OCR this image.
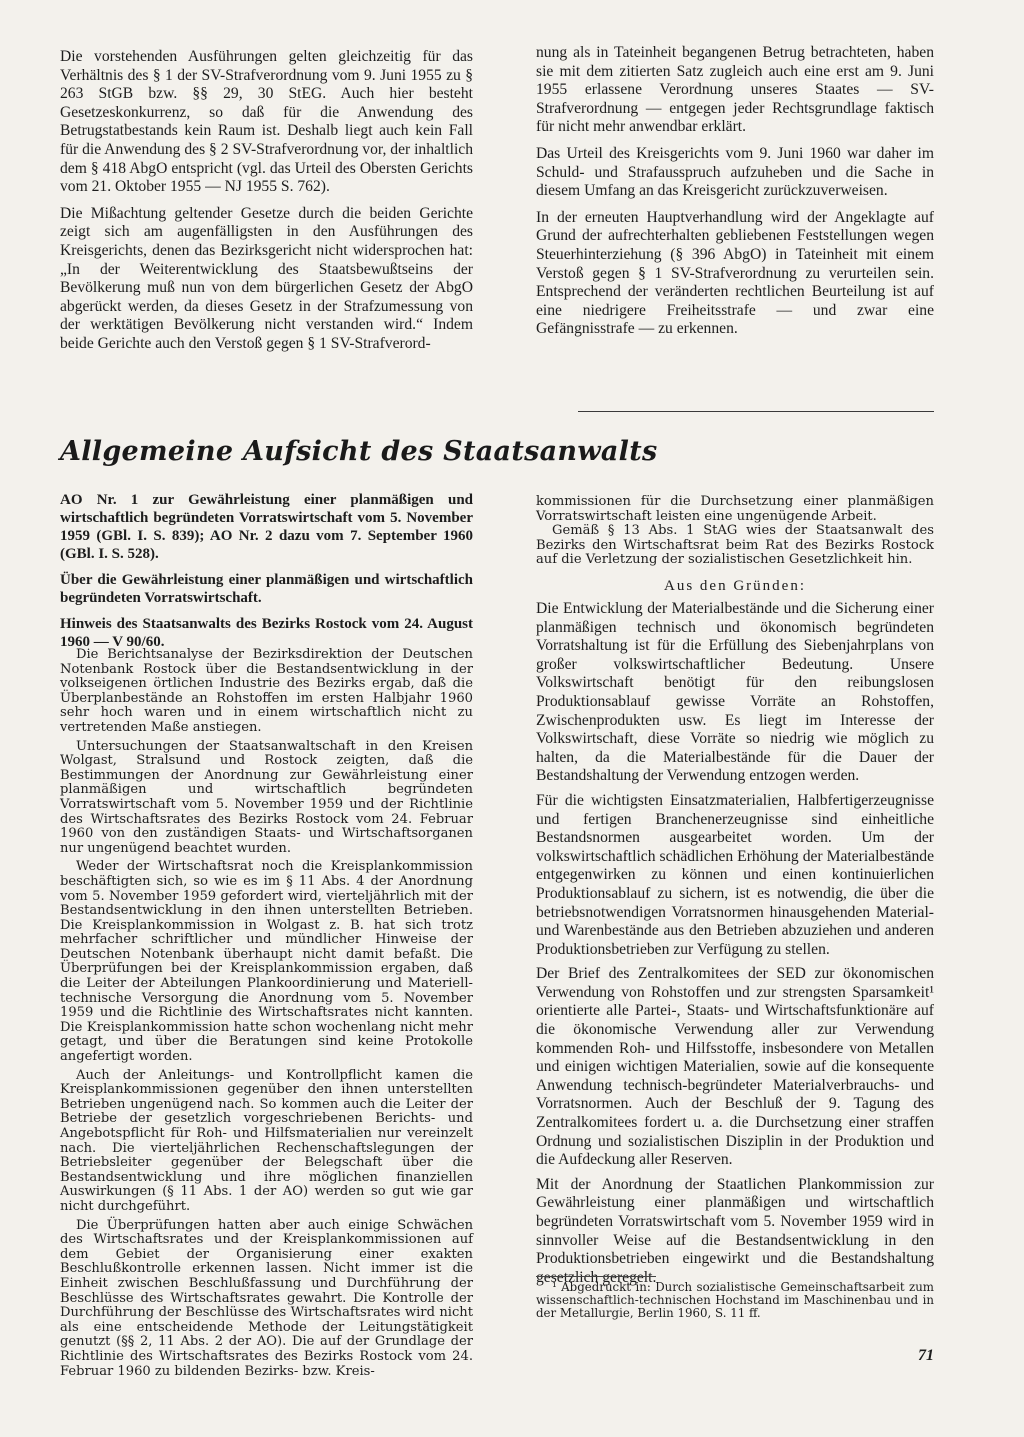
Die vorstehenden Ausführungen gelten gleichzeitig für das Verhältnis des § 1 der SV-Strafverordnung vom 9. Juni 1955 zu § 263 StGB bzw. §§ 29, 30 StEG. Auch hier besteht Gesetzeskonkurrenz, so daß für die Anwendung des Betrugstatbestands kein Raum ist. Deshalb liegt auch kein Fall für die Anwendung des § 2 SV-Strafverordnung vor, der inhaltlich dem § 418 AbgO entspricht (vgl. das Urteil des Obersten Gerichts vom 21. Oktober 1955 — NJ 1955 S. 762).

Die Mißachtung geltender Gesetze durch die beiden Gerichte zeigt sich am augenfälligsten in den Ausführungen des Kreisgerichts, denen das Bezirksgericht nicht widersprochen hat: „In der Weiterentwicklung des Staatsbewußtseins der Bevölkerung muß nun von dem bürgerlichen Gesetz der AbgO abgerückt werden, da dieses Gesetz in der Strafzumessung von der werktätigen Bevölkerung nicht verstanden wird.“ Indem beide Gerichte auch den Verstoß gegen § 1 SV-Strafverord-

nung als in Tateinheit begangenen Betrug betrachteten, haben sie mit dem zitierten Satz zugleich auch eine erst am 9. Juni 1955 erlassene Verordnung unseres Staates — SV-Strafverordnung — entgegen jeder Rechtsgrundlage faktisch für nicht mehr anwendbar erklärt.

Das Urteil des Kreisgerichts vom 9. Juni 1960 war daher im Schuld- und Strafausspruch aufzuheben und die Sache in diesem Umfang an das Kreisgericht zurückzuverweisen.

In der erneuten Hauptverhandlung wird der Angeklagte auf Grund der aufrechterhalten gebliebenen Feststellungen wegen Steuerhinterziehung (§ 396 AbgO) in Tateinheit mit einem Verstoß gegen § 1 SV-Strafverordnung zu verurteilen sein. Entsprechend der veränderten rechtlichen Beurteilung ist auf eine niedrigere Freiheitsstrafe — und zwar eine Gefängnisstrafe — zu erkennen.

Allgemeine Aufsicht des Staatsanwalts

AO Nr. 1 zur Gewährleistung einer planmäßigen und wirtschaftlich begründeten Vorratswirtschaft vom 5. November 1959 (GBl. I. S. 839); AO Nr. 2 dazu vom 7. September 1960 (GBl. I. S. 528).

Über die Gewährleistung einer planmäßigen und wirtschaftlich begründeten Vorratswirtschaft.

Hinweis des Staatsanwalts des Bezirks Rostock vom 24. August 1960 — V 90/60.

Die Berichtsanalyse der Bezirksdirektion der Deutschen Notenbank Rostock über die Bestandsentwicklung in der volkseigenen örtlichen Industrie des Bezirks ergab, daß die Überplanbestände an Rohstoffen im ersten Halbjahr 1960 sehr hoch waren und in einem wirtschaftlich nicht zu vertretenden Maße anstiegen.

Untersuchungen der Staatsanwaltschaft in den Kreisen Wolgast, Stralsund und Rostock zeigten, daß die Bestimmungen der Anordnung zur Gewährleistung einer planmäßigen und wirtschaftlich begründeten Vorratswirtschaft vom 5. November 1959 und der Richtlinie des Wirtschaftsrates des Bezirks Rostock vom 24. Februar 1960 von den zuständigen Staats- und Wirtschaftsorganen nur ungenügend beachtet wurden.

Weder der Wirtschaftsrat noch die Kreisplankommission beschäftigten sich, so wie es im § 11 Abs. 4 der Anordnung vom 5. November 1959 gefordert wird, vierteljährlich mit der Bestandsentwicklung in den ihnen unterstellten Betrieben. Die Kreisplankommission in Wolgast z. B. hat sich trotz mehrfacher schriftlicher und mündlicher Hinweise der Deutschen Notenbank überhaupt nicht damit befaßt. Die Überprüfungen bei der Kreisplankommission ergaben, daß die Leiter der Abteilungen Plankoordinierung und Materiell-technische Versorgung die Anordnung vom 5. November 1959 und die Richtlinie des Wirtschaftsrates nicht kannten. Die Kreisplankommission hatte schon wochenlang nicht mehr getagt, und über die Beratungen sind keine Protokolle angefertigt worden.

Auch der Anleitungs- und Kontrollpflicht kamen die Kreisplankommissionen gegenüber den ihnen unterstellten Betrieben ungenügend nach. So kommen auch die Leiter der Betriebe der gesetzlich vorgeschriebenen Berichts- und Angebotspflicht für Roh- und Hilfsmaterialien nur vereinzelt nach. Die vierteljährlichen Rechenschaftslegungen der Betriebsleiter gegenüber der Belegschaft über die Bestandsentwicklung und ihre möglichen finanziellen Auswirkungen (§ 11 Abs. 1 der AO) werden so gut wie gar nicht durchgeführt.

Die Überprüfungen hatten aber auch einige Schwächen des Wirtschaftsrates und der Kreisplankommissionen auf dem Gebiet der Organisierung einer exakten Beschlußkontrolle erkennen lassen. Nicht immer ist die Einheit zwischen Beschlußfassung und Durchführung der Beschlüsse des Wirtschaftsrates gewahrt. Die Kontrolle der Durchführung der Beschlüsse des Wirtschaftsrates wird nicht als eine entscheidende Methode der Leitungstätigkeit genutzt (§§ 2, 11 Abs. 2 der AO). Die auf der Grundlage der Richtlinie des Wirtschaftsrates des Bezirks Rostock vom 24. Februar 1960 zu bildenden Bezirks- bzw. Kreis-

kommissionen für die Durchsetzung einer planmäßigen Vorratswirtschaft leisten eine ungenügende Arbeit.

Gemäß § 13 Abs. 1 StAG wies der Staatsanwalt des Bezirks den Wirtschaftsrat beim Rat des Bezirks Rostock auf die Verletzung der sozialistischen Gesetzlichkeit hin.

Aus den Gründen:

Die Entwicklung der Materialbestände und die Sicherung einer planmäßigen technisch und ökonomisch begründeten Vorratshaltung ist für die Erfüllung des Siebenjahrplans von großer volkswirtschaftlicher Bedeutung. Unsere Volkswirtschaft benötigt für den reibungslosen Produktionsablauf gewisse Vorräte an Rohstoffen, Zwischenprodukten usw. Es liegt im Interesse der Volkswirtschaft, diese Vorräte so niedrig wie möglich zu halten, da die Materialbestände für die Dauer der Bestandshaltung der Verwendung entzogen werden.

Für die wichtigsten Einsatzmaterialien, Halbfertigerzeugnisse und fertigen Branchenerzeugnisse sind einheitliche Bestandsnormen ausgearbeitet worden. Um der volkswirtschaftlich schädlichen Erhöhung der Materialbestände entgegenwirken zu können und einen kontinuierlichen Produktionsablauf zu sichern, ist es notwendig, die über die betriebsnotwendigen Vorratsnormen hinausgehenden Material- und Warenbestände aus den Betrieben abzuziehen und anderen Produktionsbetrieben zur Verfügung zu stellen.

Der Brief des Zentralkomitees der SED zur ökonomischen Verwendung von Rohstoffen und zur strengsten Sparsamkeit¹ orientierte alle Partei-, Staats- und Wirtschaftsfunktionäre auf die ökonomische Verwendung aller zur Verwendung kommenden Roh- und Hilfsstoffe, insbesondere von Metallen und einigen wichtigen Materialien, sowie auf die konsequente Anwendung technisch-begründeter Materialverbrauchs- und Vorratsnormen. Auch der Beschluß der 9. Tagung des Zentralkomitees fordert u. a. die Durchsetzung einer straffen Ordnung und sozialistischen Disziplin in der Produktion und die Aufdeckung aller Reserven.

Mit der Anordnung der Staatlichen Plankommission zur Gewährleistung einer planmäßigen und wirtschaftlich begründeten Vorratswirtschaft vom 5. November 1959 wird in sinnvoller Weise auf die Bestandsentwicklung in den Produktionsbetrieben eingewirkt und die Bestandshaltung gesetzlich geregelt.

¹ Abgedruckt in: Durch sozialistische Gemeinschaftsarbeit zum wissenschaftlich-technischen Hochstand im Maschinenbau und in der Metallurgie, Berlin 1960, S. 11 ff.

71
